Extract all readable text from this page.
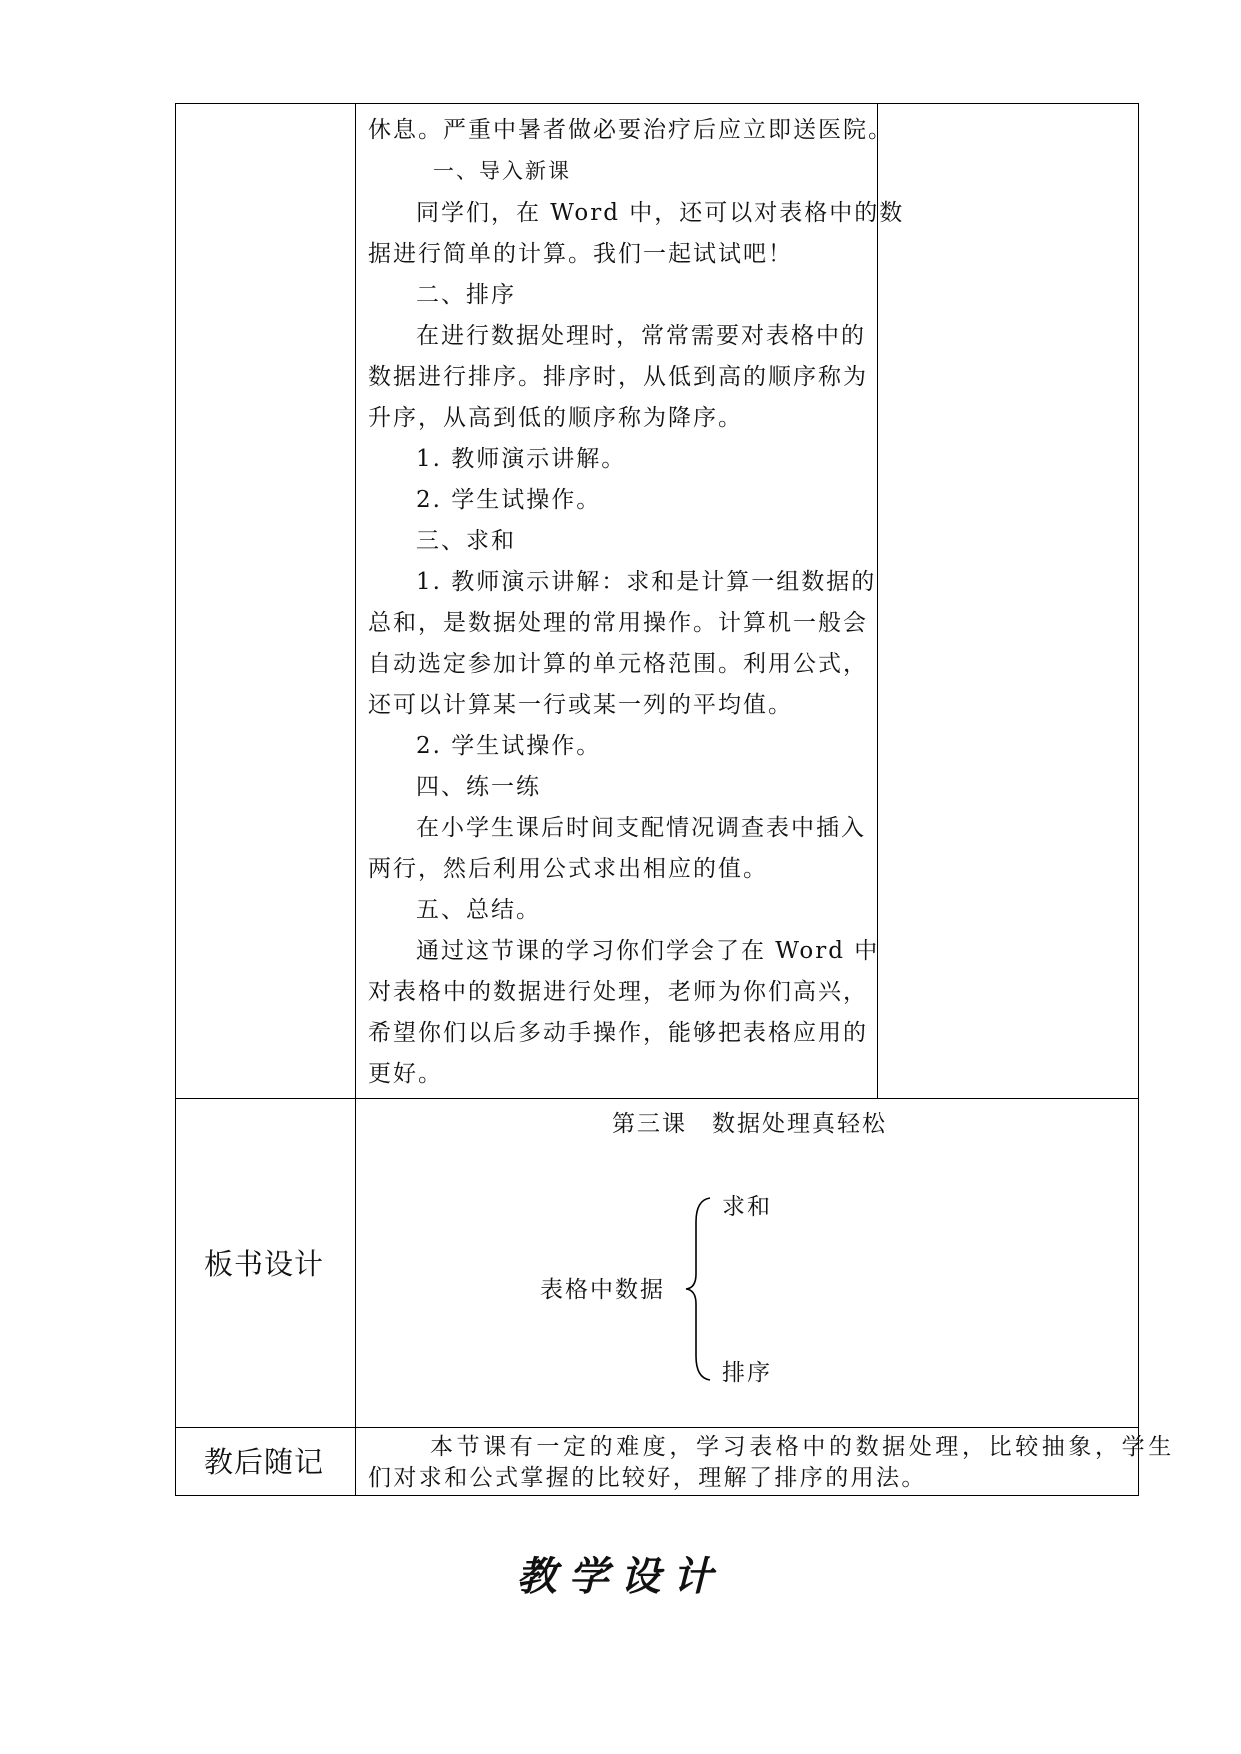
休息。严重中暑者做必要治疗后应立即送医院。
一、导入新课
同学们，在 Word 中，还可以对表格中的数
据进行简单的计算。我们一起试试吧！
二、排序
在进行数据处理时，常常需要对表格中的
数据进行排序。排序时，从低到高的顺序称为
升序，从高到低的顺序称为降序。
1. 教师演示讲解。
2. 学生试操作。
三、求和
1. 教师演示讲解：求和是计算一组数据的
总和，是数据处理的常用操作。计算机一般会
自动选定参加计算的单元格范围。利用公式，
还可以计算某一行或某一列的平均值。
2. 学生试操作。
四、练一练
在小学生课后时间支配情况调查表中插入
两行，然后利用公式求出相应的值。
五、总结。
通过这节课的学习你们学会了在 Word 中
对表格中的数据进行处理，老师为你们高兴，
希望你们以后多动手操作，能够把表格应用的
更好。
板书设计
第三课　数据处理真轻松
表格中数据
求和
排序
教后随记	本节课有一定的难度，学习表格中的数据处理，比较抽象，学生
们对求和公式掌握的比较好，理解了排序的用法。
教学设计
